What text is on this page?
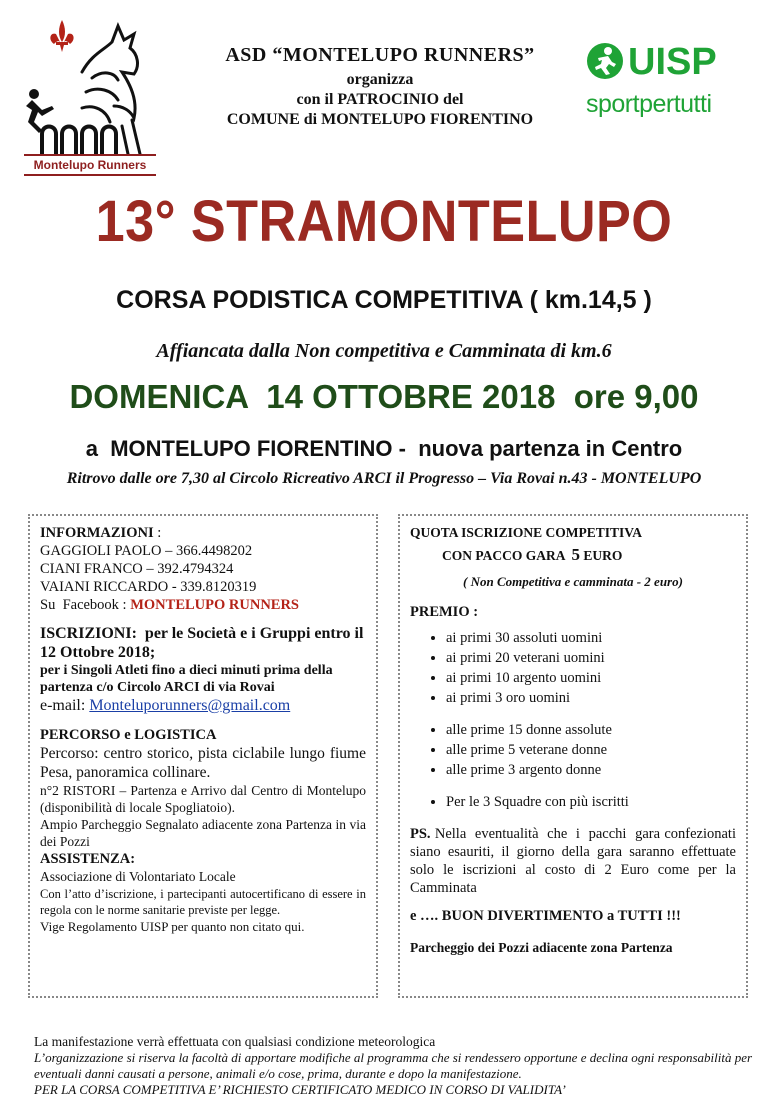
Montelupo Runners
ASD “MONTELUPO RUNNERS”
organizza
con il PATROCINIO del
COMUNE di MONTELUPO FIORENTINO
UISP
sportpertutti
13° STRAMONTELUPO
CORSA PODISTICA COMPETITIVA ( km.14,5 )
Affiancata dalla Non competitiva e Camminata di km.6
DOMENICA  14 OTTOBRE 2018  ore 9,00
a  MONTELUPO FIORENTINO -  nuova partenza in Centro
Ritrovo dalle ore 7,30 al Circolo Ricreativo ARCI il Progresso – Via Rovai n.43 - MONTELUPO
INFORMAZIONI :
GAGGIOLI PAOLO – 366.4498202
CIANI FRANCO – 392.4794324
VAIANI RICCARDO - 339.8120319
Su  Facebook : MONTELUPO RUNNERS
ISCRIZIONI:  per le Società e i Gruppi entro il 12 Ottobre 2018;
per i Singoli Atleti fino a dieci minuti prima della partenza c/o Circolo ARCI di via Rovai
e-mail: Monteluporunners@gmail.com
PERCORSO e LOGISTICA
Percorso: centro storico, pista ciclabile lungo fiume Pesa, panoramica collinare.
n°2 RISTORI – Partenza e Arrivo dal Centro di Montelupo (disponibilità di locale Spogliatoio).
Ampio Parcheggio Segnalato adiacente zona Partenza in via dei Pozzi
ASSISTENZA:
Associazione di Volontariato Locale
Con l’atto d’iscrizione, i partecipanti autocertificano di essere in regola con le norme sanitarie previste per legge.
Vige Regolamento UISP per quanto non citato qui.
QUOTA ISCRIZIONE COMPETITIVA
CON PACCO GARA  5 EURO
( Non Competitiva e camminata - 2 euro)
PREMIO :
• ai primi 30 assoluti uomini
• ai primi 20 veterani uomini
• ai primi 10 argento uomini
• ai primi 3 oro uomini
• alle prime 15 donne assolute
• alle prime 5 veterane donne
• alle prime 3 argento donne
• Per le 3 Squadre con più iscritti
PS. Nella  eventualità  che  i  pacchi  gara confezionati siano esauriti, il giorno della gara saranno effettuate solo le iscrizioni al costo di 2 Euro come per la Camminata
e …. BUON DIVERTIMENTO a TUTTI !!!
Parcheggio dei Pozzi adiacente zona Partenza
La manifestazione verrà effettuata con qualsiasi condizione meteorologica
L’organizzazione si riserva la facoltà di apportare modifiche al programma che si rendessero opportune e declina ogni responsabilità per eventuali danni causati a persone, animali e/o cose, prima, durante e dopo la manifestazione.
PER LA CORSA COMPETITIVA E’ RICHIESTO CERTIFICATO MEDICO IN CORSO DI VALIDITA’
